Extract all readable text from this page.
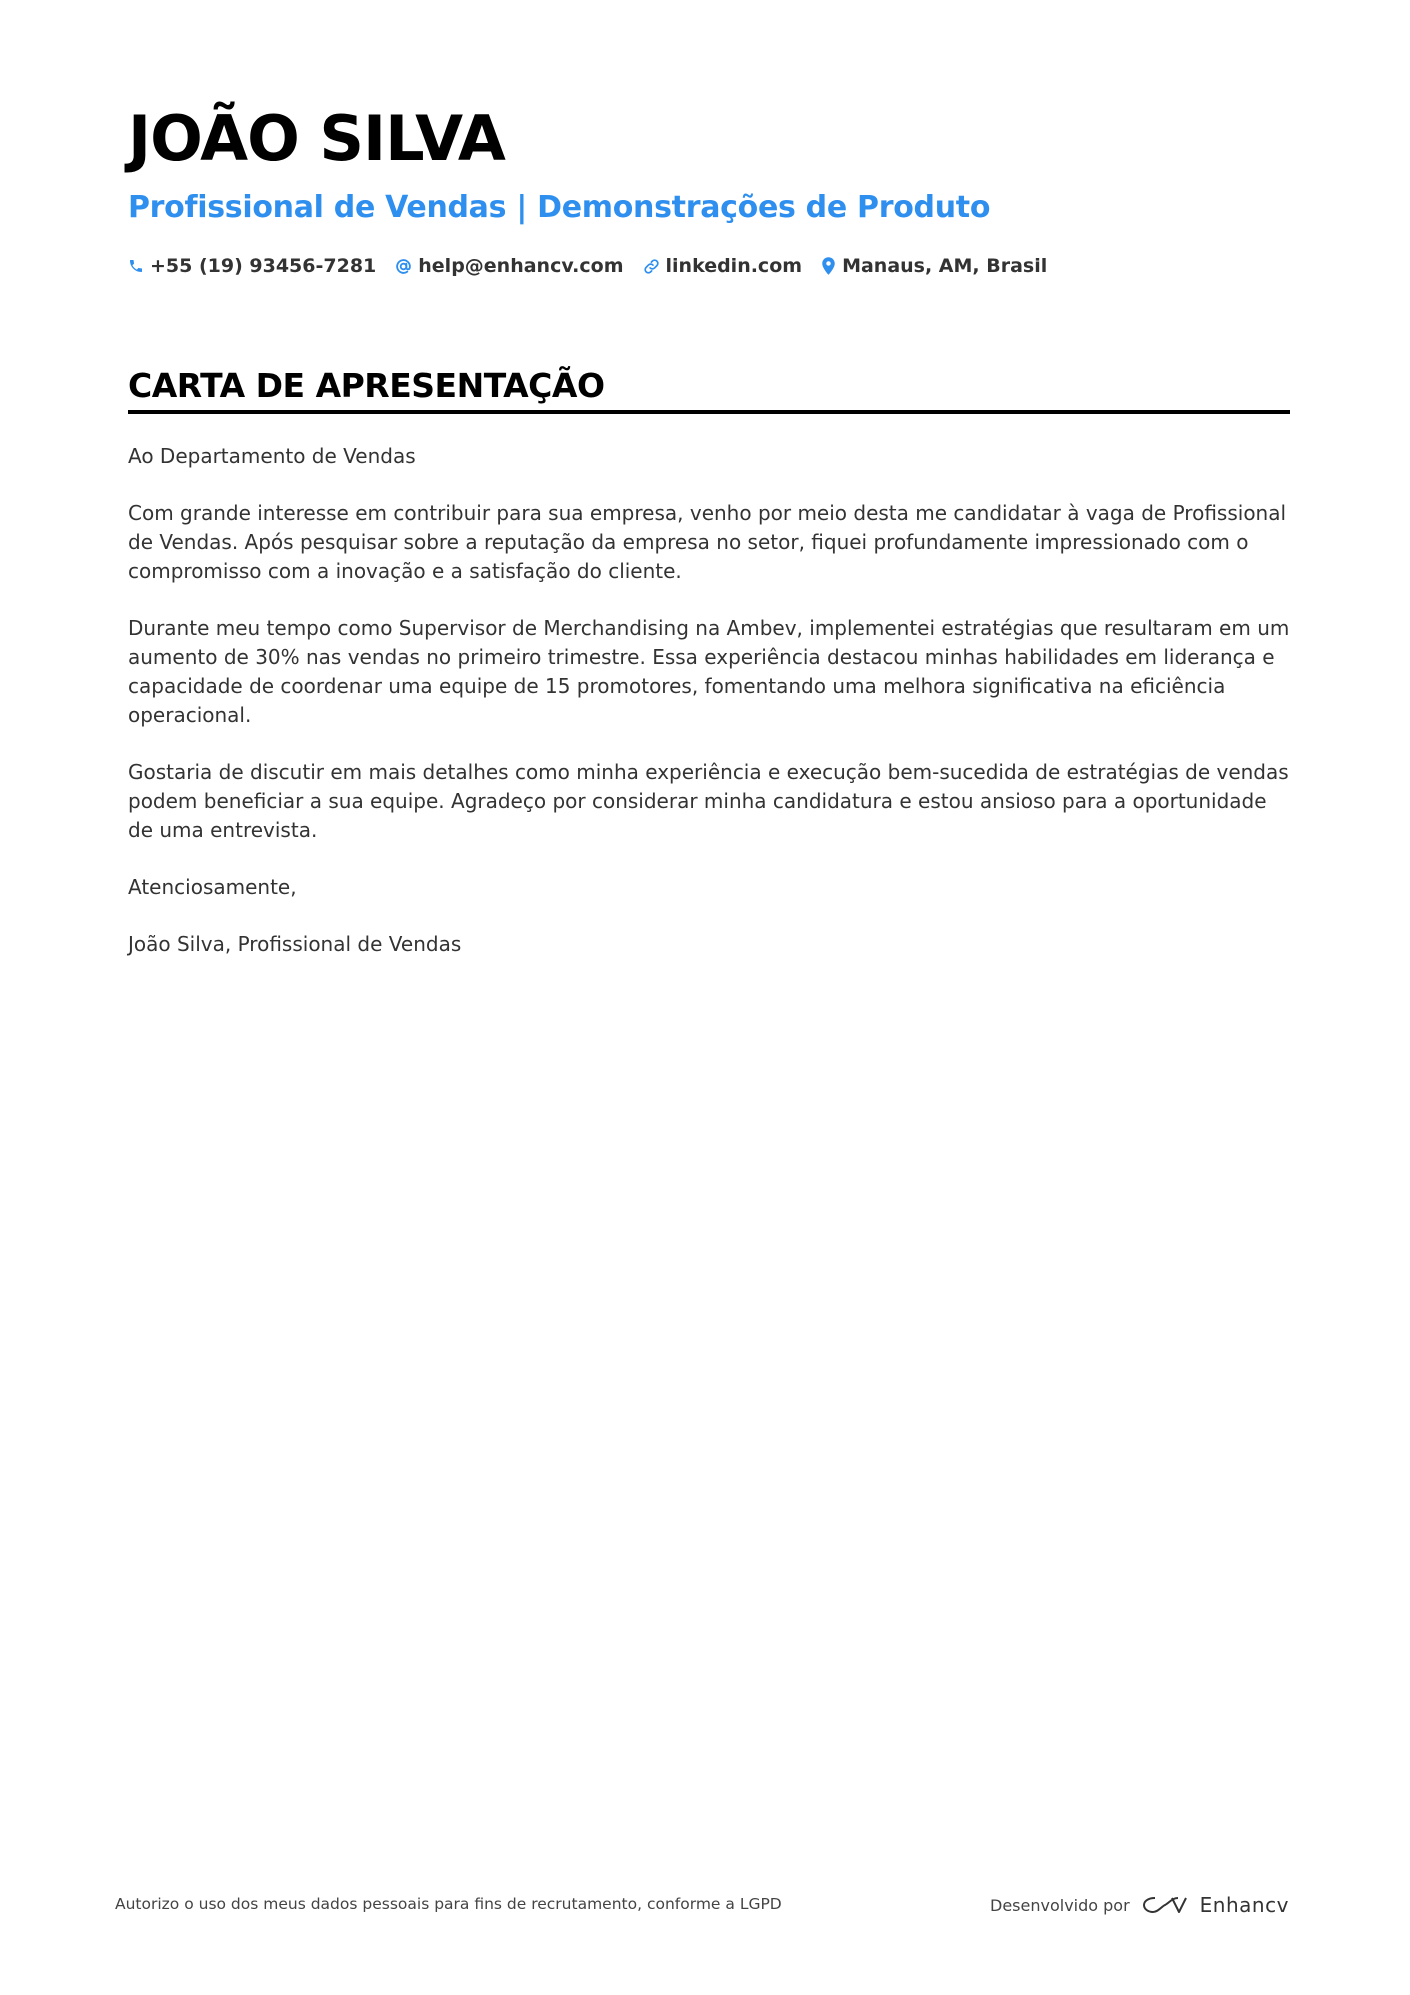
JOÃO SILVA
Profissional de Vendas | Demonstrações de Produto
+55 (19) 93456-7281 help@enhancv.com linkedin.com Manaus, AM, Brasil
CARTA DE APRESENTAÇÃO

Ao Departamento de Vendas

Com grande interesse em contribuir para sua empresa, venho por meio desta me candidatar à vaga de Profissional de Vendas. Após pesquisar sobre a reputação da empresa no setor, fiquei profundamente impressionado com o compromisso com a inovação e a satisfação do cliente.

Durante meu tempo como Supervisor de Merchandising na Ambev, implementei estratégias que resultaram em um aumento de 30% nas vendas no primeiro trimestre. Essa experiência destacou minhas habilidades em liderança e capacidade de coordenar uma equipe de 15 promotores, fomentando uma melhora significativa na eficiência operacional.

Gostaria de discutir em mais detalhes como minha experiência e execução bem-sucedida de estratégias de vendas podem beneficiar a sua equipe. Agradeço por considerar minha candidatura e estou ansioso para a oportunidade de uma entrevista.

Atenciosamente,

João Silva, Profissional de Vendas

Autorizo o uso dos meus dados pessoais para fins de recrutamento, conforme a LGPD	Desenvolvido por	Enhancv
